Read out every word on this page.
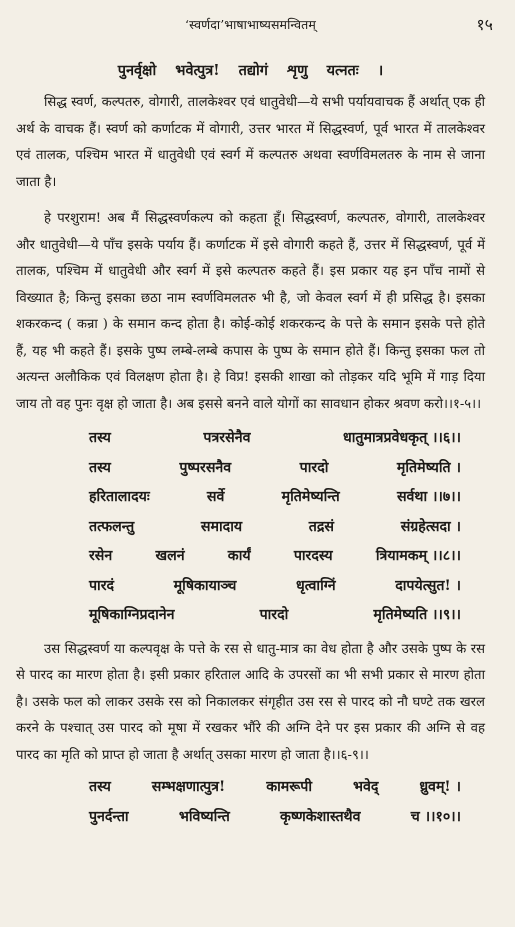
‘स्वर्णदा’भाषाभाष्यसमन्वितम्	१५
पुनर्वृक्षो भवेत्पुत्र! तद्योगं शृणु यत्नतः ।

सिद्ध स्वर्ण, कल्पतरु, वोगारी, तालकेश्वर एवं धातुवेधी—ये सभी पर्यायवाचक हैं अर्थात् एक ही अर्थ के वाचक हैं। स्वर्ण को कर्णाटक में वोगारी, उत्तर भारत में सिद्धस्वर्ण, पूर्व भारत में तालकेश्वर एवं तालक, पश्चिम भारत में धातुवेधी एवं स्वर्ग में कल्पतरु अथवा स्वर्णविमलतरु के नाम से जाना जाता है।

हे परशुराम! अब मैं सिद्धस्वर्णकल्प को कहता हूँ। सिद्धस्वर्ण, कल्पतरु, वोगारी, तालकेश्वर और धातुवेधी—ये पाँच इसके पर्याय हैं। कर्णाटक में इसे वोगारी कहते हैं, उत्तर में सिद्धस्वर्ण, पूर्व में तालक, पश्चिम में धातुवेधी और स्वर्ग में इसे कल्पतरु कहते हैं। इस प्रकार यह इन पाँच नामों से विख्यात है; किन्तु इसका छठा नाम स्वर्णविमलतरु भी है, जो केवल स्वर्ग में ही प्रसिद्ध है। इसका शकरकन्द ( कन्रा ) के समान कन्द होता है। कोई-कोई शकरकन्द के पत्ते के समान इसके पत्ते होते हैं, यह भी कहते हैं। इसके पुष्प लम्बे-लम्बे कपास के पुष्प के समान होते हैं। किन्तु इसका फल तो अत्यन्त अलौकिक एवं विलक्षण होता है। हे विप्र! इसकी शाखा को तोड़कर यदि भूमि में गाड़ दिया जाय तो वह पुनः वृक्ष हो जाता है। अब इससे बनने वाले योगों का सावधान होकर श्रवण करो।।१-५।।

तस्य	पत्ररसेनैव	धातुमात्रप्रवेधकृत् ।।६।।
तस्य	पुष्परसनैव	पारदो	मृतिमेष्यति ।
हरितालादयः	सर्वे	मृतिमेष्यन्ति	सर्वथा ।।७।।
तत्फलन्तु	समादाय	तद्रसं	संग्रहेत्सदा ।
रसेन	खलनं	कार्यं	पारदस्य	त्रियामकम् ।।८।।
पारदं	मूषिकायाञ्च	धृत्वाग्निं	दापयेत्सुत! ।
मूषिकाग्निप्रदानेन	पारदो	मृतिमेष्यति ।।९।।

उस सिद्धस्वर्ण या कल्पवृक्ष के पत्ते के रस से धातु-मात्र का वेध होता है और उसके पुष्प के रस से पारद का मारण होता है। इसी प्रकार हरिताल आदि के उपरसों का भी सभी प्रकार से मारण होता है। उसके फल को लाकर उसके रस को निकालकर संगृहीत उस रस से पारद को नौ घण्टे तक खरल करने के पश्चात् उस पारद को मूषा में रखकर भौंरे की अग्नि देने पर इस प्रकार की अग्नि से वह पारद का मृति को प्राप्त हो जाता है अर्थात् उसका मारण हो जाता है।।६-९।।

तस्य	सम्भक्षणात्पुत्र!	कामरूपी	भवेद्	ध्रुवम्! ।
पुनर्दन्ता	भविष्यन्ति	कृष्णकेशास्तथैव	च ।।१०।।
